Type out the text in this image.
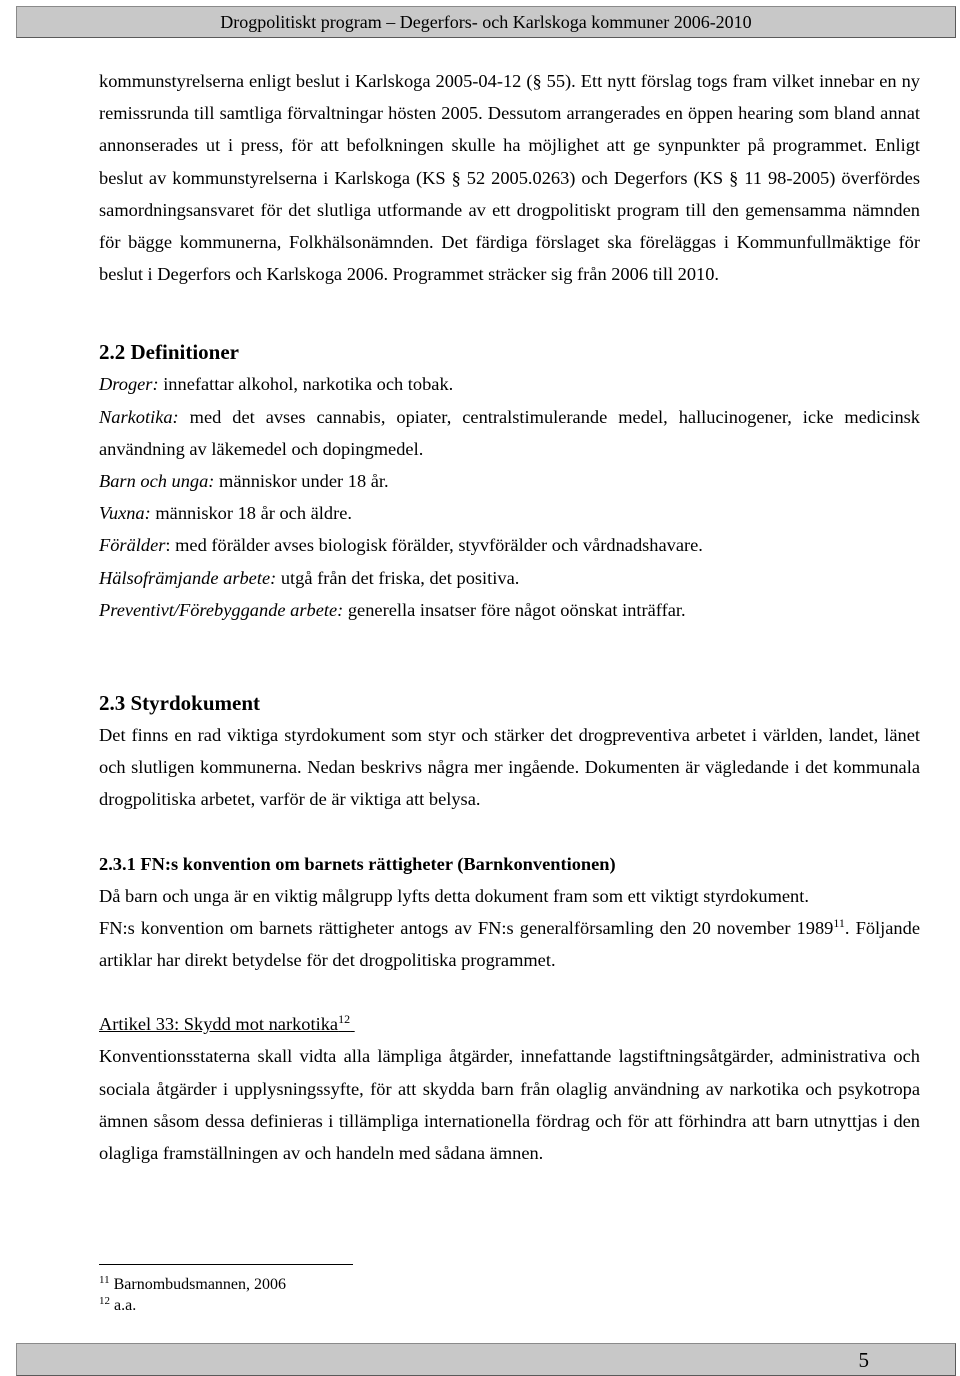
Drogpolitiskt program – Degerfors- och Karlskoga kommuner 2006-2010

kommunstyrelserna enligt beslut i Karlskoga 2005-04-12 (§ 55). Ett nytt förslag togs fram vilket innebar en ny remissrunda till samtliga förvaltningar hösten 2005. Dessutom arrangerades en öppen hearing som bland annat annonserades ut i press, för att befolkningen skulle ha möjlighet att ge synpunkter på programmet. Enligt beslut av kommunstyrelserna i Karlskoga (KS § 52 2005.0263) och Degerfors (KS § 11 98-2005) överfördes samordningsansvaret för det slutliga utformande av ett drogpolitiskt program till den gemensamma nämnden för bägge kommunerna, Folkhälsonämnden. Det färdiga förslaget ska föreläggas i Kommunfullmäktige för beslut i Degerfors och Karlskoga 2006. Programmet sträcker sig från 2006 till 2010.

2.2 Definitioner

Droger: innefattar alkohol, narkotika och tobak.

Narkotika: med det avses cannabis, opiater, centralstimulerande medel, hallucinogener, icke medicinsk användning av läkemedel och dopingmedel.

Barn och unga: människor under 18 år.

Vuxna: människor 18 år och äldre.

Förälder: med förälder avses biologisk förälder, styvförälder och vårdnadshavare.

Hälsofrämjande arbete: utgå från det friska, det positiva.

Preventivt/Förebyggande arbete: generella insatser före något oönskat inträffar.

2.3 Styrdokument

Det finns en rad viktiga styrdokument som styr och stärker det drogpreventiva arbetet i världen, landet, länet och slutligen kommunerna. Nedan beskrivs några mer ingående. Dokumenten är vägledande i det kommunala drogpolitiska arbetet, varför de är viktiga att belysa.

2.3.1 FN:s konvention om barnets rättigheter (Barnkonventionen)

Då barn och unga är en viktig målgrupp lyfts detta dokument fram som ett viktigt styrdokument.

FN:s konvention om barnets rättigheter antogs av FN:s generalförsamling den 20 november 1989$^{11}$. Följande artiklar har direkt betydelse för det drogpolitiska programmet.

Artikel 33: Skydd mot narkotika$^{12}$

Konventionsstaterna skall vidta alla lämpliga åtgärder, innefattande lagstiftningsåtgärder, administrativa och sociala åtgärder i upplysningssyfte, för att skydda barn från olaglig användning av narkotika och psykotropa ämnen såsom dessa definieras i tillämpliga internationella fördrag och för att förhindra att barn utnyttjas i den olagliga framställningen av och handeln med sådana ämnen.

$^{11}$ Barnombudsmannen, 2006
$^{12}$ a.a.
5
